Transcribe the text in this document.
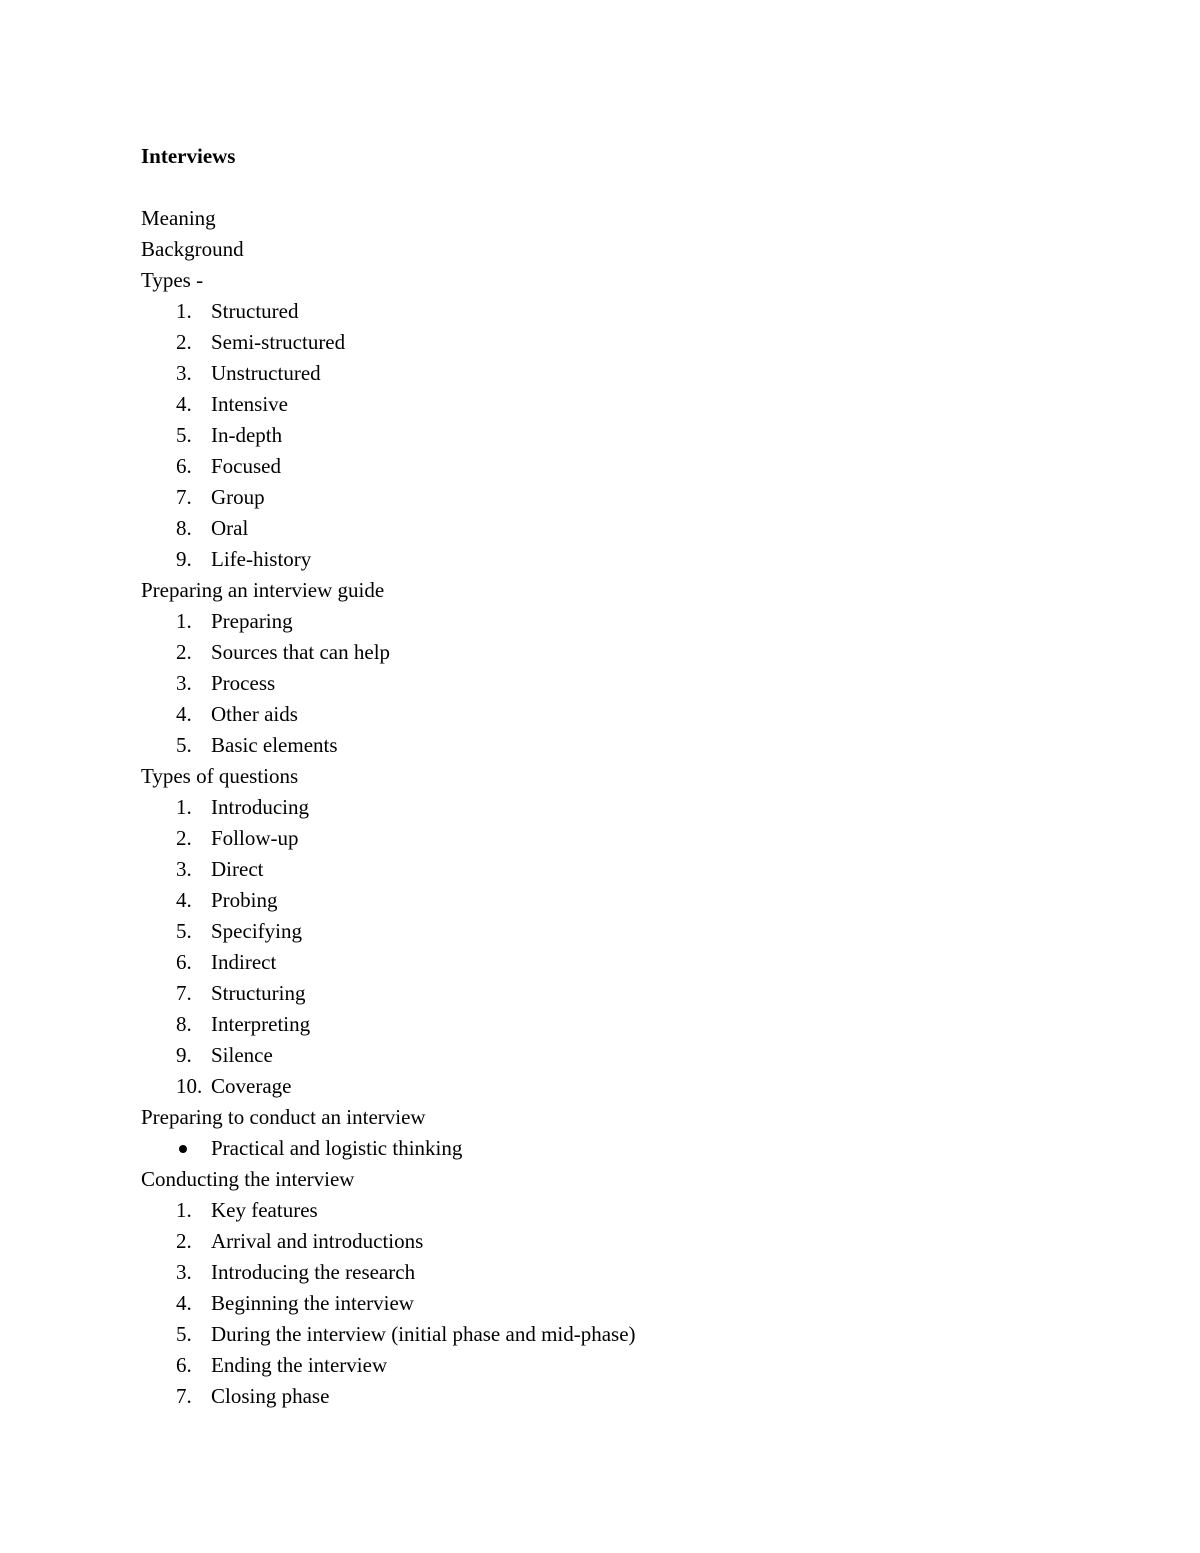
Interviews
Meaning
Background
Types -
1. Structured
2. Semi-structured
3. Unstructured
4. Intensive
5. In-depth
6. Focused
7. Group
8. Oral
9. Life-history
Preparing an interview guide
1. Preparing
2. Sources that can help
3. Process
4. Other aids
5. Basic elements
Types of questions
1. Introducing
2. Follow-up
3. Direct
4. Probing
5. Specifying
6. Indirect
7. Structuring
8. Interpreting
9. Silence
10. Coverage
Preparing to conduct an interview
Practical and logistic thinking
Conducting the interview
1. Key features
2. Arrival and introductions
3. Introducing the research
4. Beginning the interview
5. During the interview (initial phase and mid-phase)
6. Ending the interview
7. Closing phase
